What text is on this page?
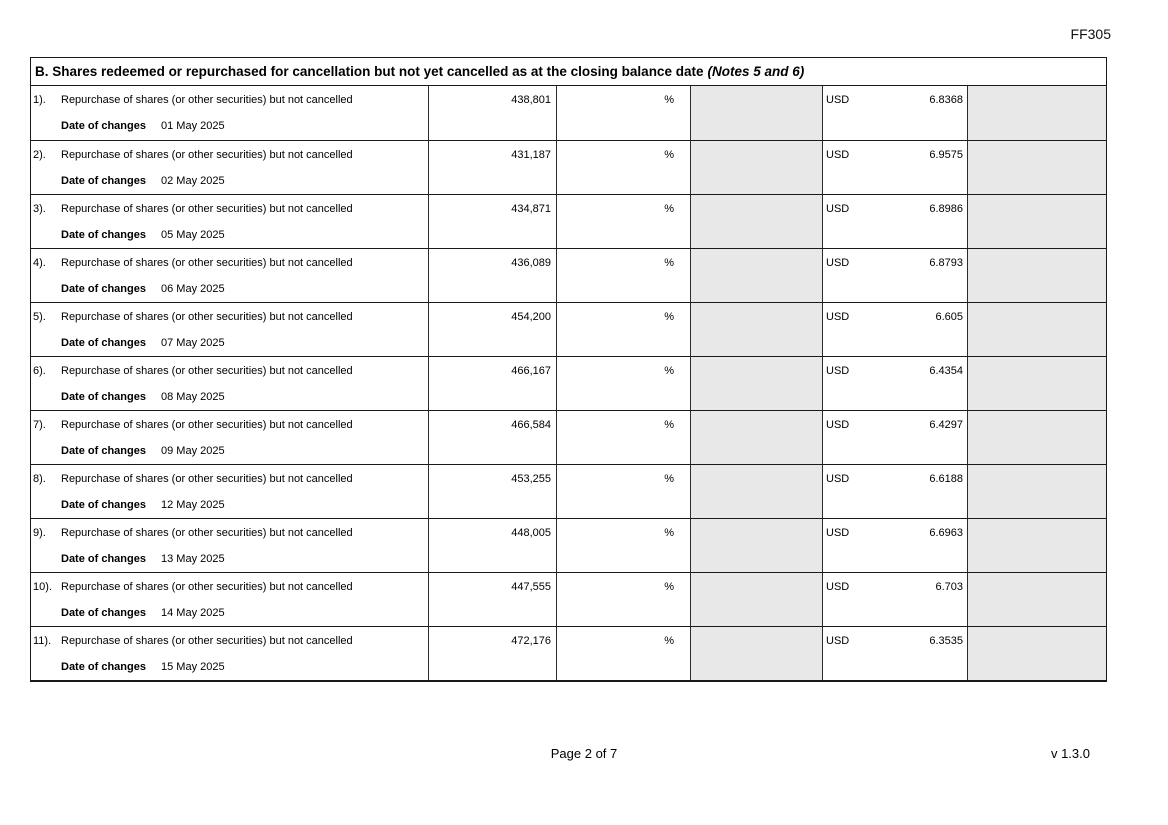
FF305
B. Shares redeemed or repurchased for cancellation but not yet cancelled as at the closing balance date (Notes 5 and 6)
1). Repurchase of shares (or other securities) but not cancelled
Date of changes 01 May 2025
438,801	%	USD	6.8368
2). Repurchase of shares (or other securities) but not cancelled
Date of changes 02 May 2025
431,187	%	USD	6.9575
3). Repurchase of shares (or other securities) but not cancelled
Date of changes 05 May 2025
434,871	%	USD	6.8986
4). Repurchase of shares (or other securities) but not cancelled
Date of changes 06 May 2025
436,089	%	USD	6.8793
5). Repurchase of shares (or other securities) but not cancelled
Date of changes 07 May 2025
454,200	%	USD	6.605
6). Repurchase of shares (or other securities) but not cancelled
Date of changes 08 May 2025
466,167	%	USD	6.4354
7). Repurchase of shares (or other securities) but not cancelled
Date of changes 09 May 2025
466,584	%	USD	6.4297
8). Repurchase of shares (or other securities) but not cancelled
Date of changes 12 May 2025
453,255	%	USD	6.6188
9). Repurchase of shares (or other securities) but not cancelled
Date of changes 13 May 2025
448,005	%	USD	6.6963
10). Repurchase of shares (or other securities) but not cancelled
Date of changes 14 May 2025
447,555	%	USD	6.703
11). Repurchase of shares (or other securities) but not cancelled
Date of changes 15 May 2025
472,176	%	USD	6.3535
Page 2 of 7	v 1.3.0
